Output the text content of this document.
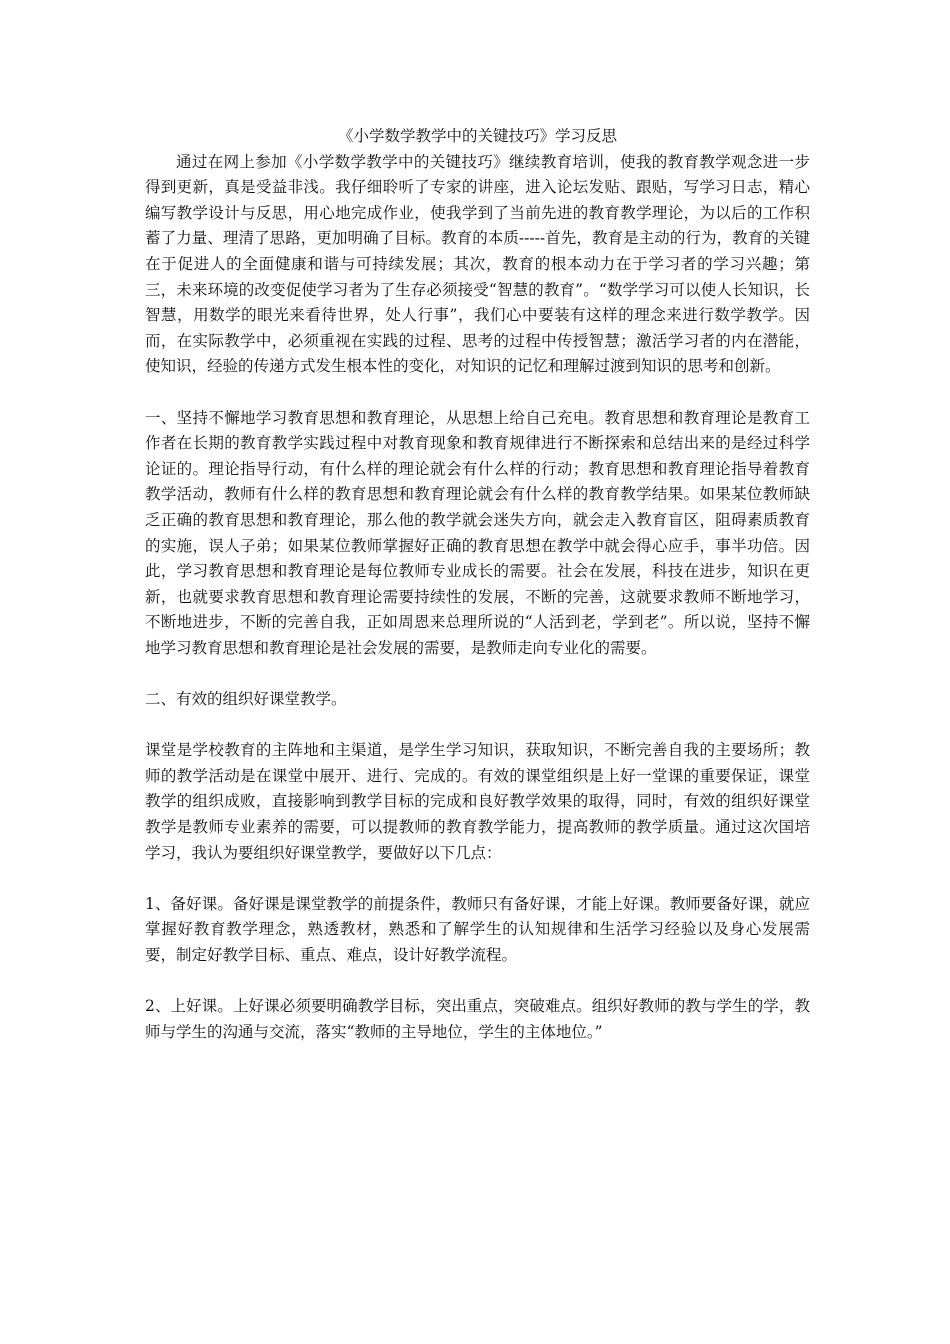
《小学数学教学中的关键技巧》学习反思

通过在网上参加《小学数学教学中的关键技巧》继续教育培训，使我的教育教学观念进一步得到更新，真是受益非浅。我仔细聆听了专家的讲座，进入论坛发贴、跟贴，写学习日志，精心编写教学设计与反思，用心地完成作业，使我学到了当前先进的教育教学理论，为以后的工作积蓄了力量、理清了思路，更加明确了目标。教育的本质-----首先，教育是主动的行为，教育的关键在于促进人的全面健康和谐与可持续发展；其次，教育的根本动力在于学习者的学习兴趣；第三，未来环境的改变促使学习者为了生存必须接受“智慧的教育”。“数学学习可以使人长知识，长智慧，用数学的眼光来看待世界，处人行事”，我们心中要装有这样的理念来进行数学教学。因而，在实际教学中，必须重视在实践的过程、思考的过程中传授智慧；激活学习者的内在潜能，使知识，经验的传递方式发生根本性的变化，对知识的记忆和理解过渡到知识的思考和创新。

一、坚持不懈地学习教育思想和教育理论，从思想上给自己充电。教育思想和教育理论是教育工作者在长期的教育教学实践过程中对教育现象和教育规律进行不断探索和总结出来的是经过科学论证的。理论指导行动，有什么样的理论就会有什么样的行动；教育思想和教育理论指导着教育教学活动，教师有什么样的教育思想和教育理论就会有什么样的教育教学结果。如果某位教师缺乏正确的教育思想和教育理论，那么他的教学就会迷失方向，就会走入教育盲区，阻碍素质教育的实施，误人子弟；如果某位教师掌握好正确的教育思想在教学中就会得心应手，事半功倍。因此，学习教育思想和教育理论是每位教师专业成长的需要。社会在发展，科技在进步，知识在更新，也就要求教育思想和教育理论需要持续性的发展，不断的完善，这就要求教师不断地学习，不断地进步，不断的完善自我，正如周恩来总理所说的“人活到老，学到老”。所以说，坚持不懈地学习教育思想和教育理论是社会发展的需要，是教师走向专业化的需要。

二、有效的组织好课堂教学。

课堂是学校教育的主阵地和主渠道，是学生学习知识，获取知识，不断完善自我的主要场所；教师的教学活动是在课堂中展开、进行、完成的。有效的课堂组织是上好一堂课的重要保证，课堂教学的组织成败，直接影响到教学目标的完成和良好教学效果的取得，同时，有效的组织好课堂教学是教师专业素养的需要，可以提教师的教育教学能力，提高教师的教学质量。通过这次国培学习，我认为要组织好课堂教学，要做好以下几点：

1、备好课。备好课是课堂教学的前提条件，教师只有备好课，才能上好课。教师要备好课，就应掌握好教育教学理念，熟透教材，熟悉和了解学生的认知规律和生活学习经验以及身心发展需要，制定好教学目标、重点、难点，设计好教学流程。

2、上好课。上好课必须要明确教学目标，突出重点，突破难点。组织好教师的教与学生的学，教师与学生的沟通与交流，落实“教师的主导地位，学生的主体地位。”
